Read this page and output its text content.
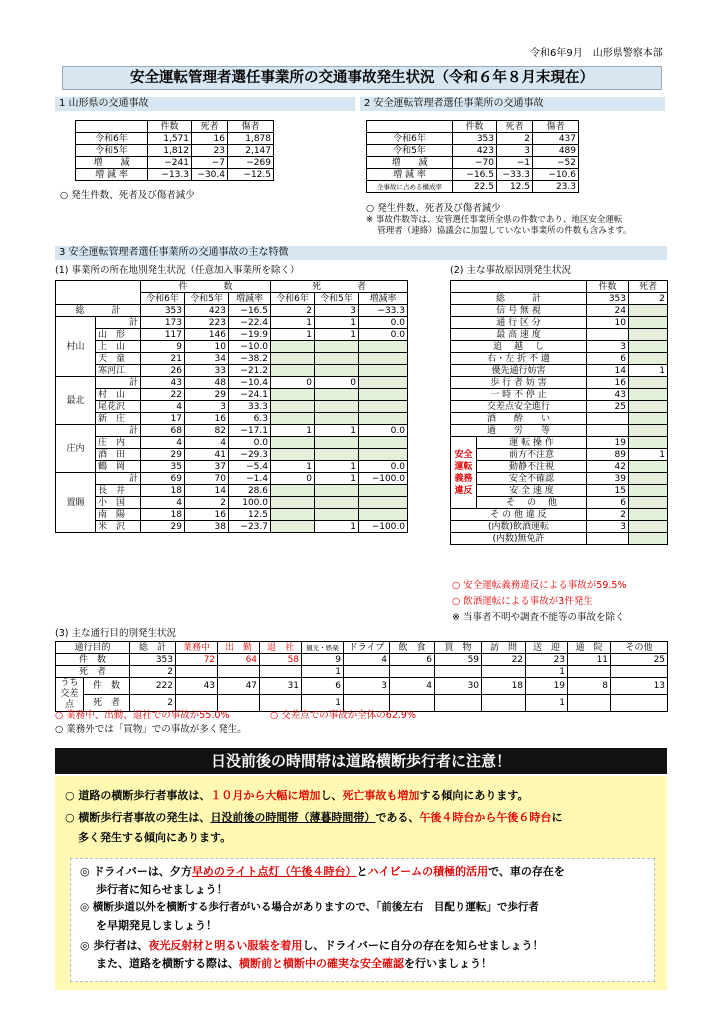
令和6年9月　 山形県警察本部
安全運転管理者選任事業所の交通事故発生状況（令和６年８月末現在）
1 山形県の交通事故
	件数	死者	傷者
令和6年	1,571	16	1,878
令和5年	1,812	23	2,147
増　　減	−241	−7	−269
増 減 率	−13.3	−30.4	−12.5
○ 発生件数、死者及び傷者減少
2 安全運転管理者選任事業所の交通事故
	件数	死者	傷者
令和6年	353	2	437
令和5年	423	3	489
増　　減	−70	−1	−52
増 減 率	−16.5	−33.3	−10.6
全事故に占める構成率	22.5	12.5	23.3
○ 発生件数、死者及び傷者減少
※ 事故件数等は、安管選任事業所全県の件数であり、地区安全運転
　 管理者（連絡）協議会に加盟していない事業所の件数も含みます。
3 安全運転管理者選任事業所の交通事故の主な特徴
(1) 事業所の所在地別発生状況（任意加入事業所を除く）
		件　　　　数			死　　　　者		
		令和6年	令和5年	増減率	令和6年	令和5年	増減率
総　　　計		353	423	−16.5	2	3	−33.3
村山	計	173	223	−22.4	1	1	0.0
	山　形	117	146	−19.9	1	1	0.0
	上　山	9	10	−10.0			
	天　童	21	34	−38.2			
	寒河江	26	33	−21.2			
最北	計	43	48	−10.4	0	0	
	村　山	22	29	−24.1			
	尾花沢	4	3	33.3			
	新　庄	17	16	6.3			
庄内	計	68	82	−17.1	1	1	0.0
	庄　内	4	4	0.0			
	酒　田	29	41	−29.3			
	鶴　岡	35	37	−5.4	1	1	0.0
置賜	計	69	70	−1.4	0	1	−100.0
	長　井	18	14	28.6			
	小　国	4	2	100.0			
	南　陽	18	16	12.5			
	米　沢	29	38	−23.7		1	−100.0
(2) 主な事故原因別発生状況
		件数	死者
総　　　計		353	2
信 号 無 視		24	
通 行 区 分		10	
最 高 速 度			
追　 越　 し		3	
右・左 折 不 適		6	
優先通行妨害		14	1
歩 行 者 妨 害		16	
一 時 不 停 止		43	
交差点安全進行		25	
酒　　酔　　い			
過　　労　　等			
安全運転義務違反	運 転 操 作	19	
	前方不注意	89	1
	動静不注視	42	
	安全不確認	39	
	安 全 速 度	15	
	そ　 の　 他	6	
そ の 他 違 反		2	
(内数)飲酒運転		3	
(内数)無免許			
○ 安全運転義務違反による事故が59.5%
○ 飲酒運転による事故が3件発生
※ 当事者不明や調査不能等の事故を除く
(3) 主な通行目的別発生状況
通行目的		総　計	業務中	出　勤	退　社	観光・娯楽	ドライブ	飲　食	買　物	訪　問	送　迎	通　院	その他
件　数		353	72	64	58	9	4	6	59	22	23	11	25
死　者		2				1					1		
うち交差点	件　数	222	43	47	31	6	3	4	30	18	19	8	13
	死　者	2				1					1		
○ 業務中、出勤、退社での事故が55.0%	○ 交差点での事故が全体の62.9%
○ 業務外では「買物」での事故が多く発生。
日没前後の時間帯は道路横断歩行者に注意！
○ 道路の横断歩行者事故は、１０月から大幅に増加し、死亡事故も増加する傾向にあります。
○ 横断歩行者事故の発生は、日没前後の時間帯（薄暮時間帯）である、午後４時台から午後６時台に
多く発生する傾向にあります。
◎ ドライバーは、夕方早めのライト点灯（午後４時台）とハイビームの積極的活用で、車の存在を
歩行者に知らせましょう！
◎ 横断歩道以外を横断する歩行者がいる場合がありますので、「前後左右　目配り運転」で歩行者
を早期発見しましょう！
◎ 歩行者は、夜光反射材と明るい服装を着用し、ドライバーに自分の存在を知らせましょう！
また、道路を横断する際は、横断前と横断中の確実な安全確認を行いましょう！
